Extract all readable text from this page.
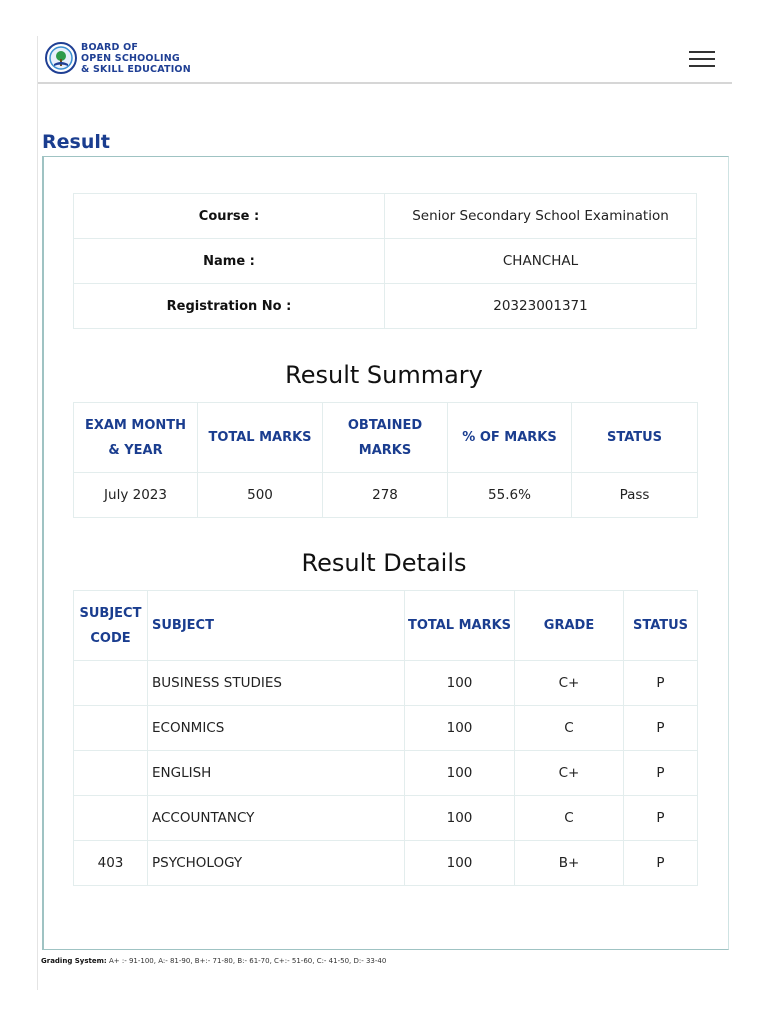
BOARD OF
OPEN SCHOOLING
& SKILL EDUCATION
Result
Course :	Senior Secondary School Examination
Name :	CHANCHAL
Registration No :	20323001371
Result Summary
EXAM MONTH & YEAR	TOTAL MARKS	OBTAINED MARKS	% OF MARKS	STATUS
July 2023	500	278	55.6%	Pass
Result Details
SUBJECT CODE	SUBJECT	TOTAL MARKS	GRADE	STATUS
	BUSINESS STUDIES	100	C+	P
	ECONMICS	100	C	P
	ENGLISH	100	C+	P
	ACCOUNTANCY	100	C	P
403	PSYCHOLOGY	100	B+	P
Grading System: A+ :- 91-100, A:- 81-90, B+:- 71-80, B:- 61-70, C+:- 51-60, C:- 41-50, D:- 33-40
